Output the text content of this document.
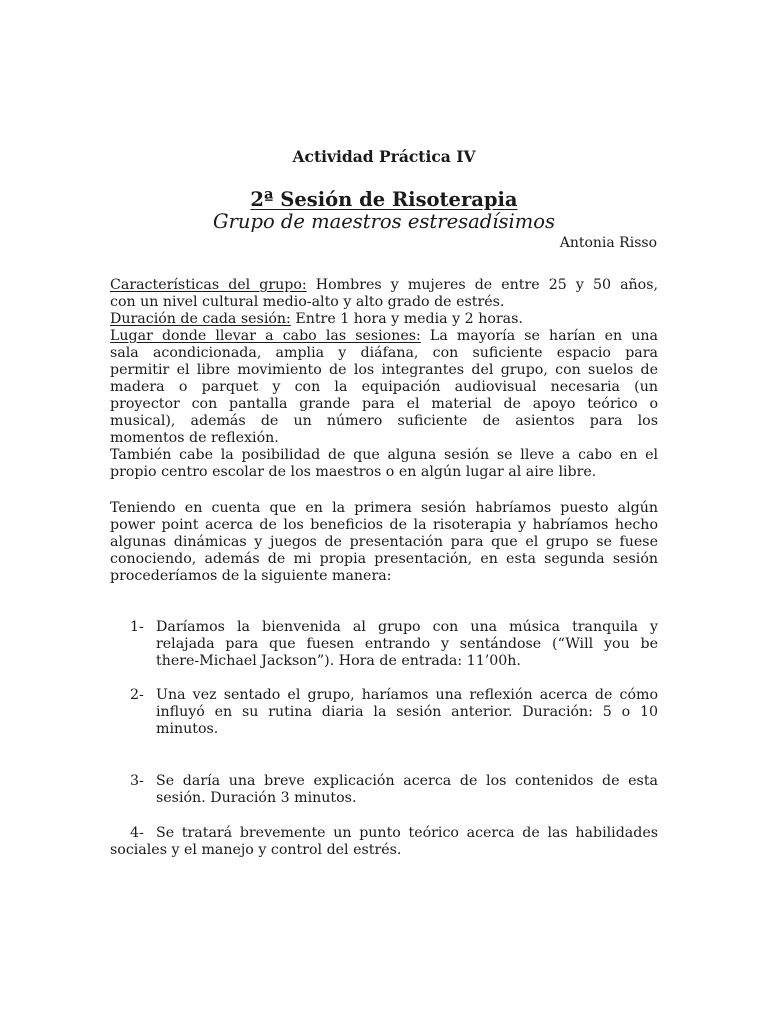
Actividad Práctica IV
2ª Sesión de Risoterapia
Grupo de maestros estresadísimos
Antonia Risso
Características del grupo: Hombres y mujeres de entre 25 y 50 años,
con un nivel cultural medio-alto y alto grado de estrés.
Duración de cada sesión: Entre 1 hora y media y 2 horas.
Lugar donde llevar a cabo las sesiones: La mayoría se harían en una
sala acondicionada, amplia y diáfana, con suficiente espacio para
permitir el libre movimiento de los integrantes del grupo, con suelos de
madera o parquet y con la equipación audiovisual necesaria (un
proyector con pantalla grande para el material de apoyo teórico o
musical), además de un número suficiente de asientos para los
momentos de reflexión.
También cabe la posibilidad de que alguna sesión se lleve a cabo en el
propio centro escolar de los maestros o en algún lugar al aire libre.
Teniendo en cuenta que en la primera sesión habríamos puesto algún
power point acerca de los beneficios de la risoterapia y habríamos hecho
algunas dinámicas y juegos de presentación para que el grupo se fuese
conociendo, además de mi propia presentación, en esta segunda sesión
procederíamos de la siguiente manera:
1- Daríamos la bienvenida al grupo con una música tranquila y
relajada para que fuesen entrando y sentándose (“Will you be
there-Michael Jackson”). Hora de entrada: 11’00h.
2- Una vez sentado el grupo, haríamos una reflexión acerca de cómo
influyó en su rutina diaria la sesión anterior. Duración: 5 o 10
minutos.
3- Se daría una breve explicación acerca de los contenidos de esta
sesión. Duración 3 minutos.
4- Se tratará brevemente un punto teórico acerca de las habilidades
sociales y el manejo y control del estrés.
